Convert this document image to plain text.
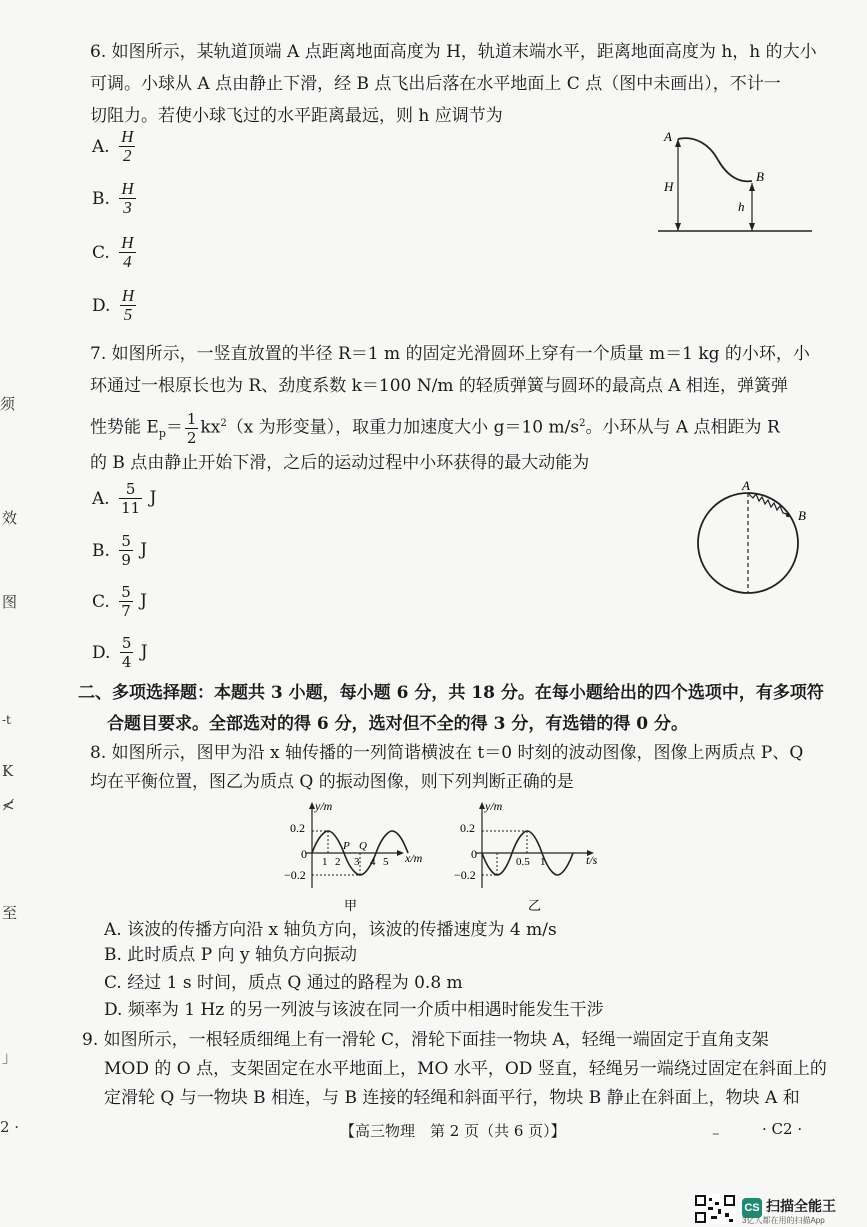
须
效
图
-t
K
≮
至
」
2 ·
6. 如图所示，某轨道顶端 A 点距离地面高度为 H，轨道末端水平，距离地面高度为 h，h 的大小
可调。小球从 A 点由静止下滑，经 B 点飞出后落在水平地面上 C 点（图中未画出），不计一
切阻力。若使小球飞过的水平距离最远，则 h 应调节为
A. $\frac{H}{2}$
B. $\frac{H}{3}$
C. $\frac{H}{4}$
D. $\frac{H}{5}$
A
B
H
h
7. 如图所示，一竖直放置的半径 R＝1 m 的固定光滑圆环上穿有一个质量 m＝1 kg 的小环，小
环通过一根原长也为 R、劲度系数 k＝100 N/m 的轻质弹簧与圆环的最高点 A 相连，弹簧弹
性势能 $E_p= \frac{1}{2} kx^2(x$ 为形变量），取重力加速度大小 g＝10 $m/s^2$。小环从与 A 点相距为 R
的 B 点由静止开始下滑，之后的运动过程中小环获得的最大动能为
A. $\frac{5}{11}$ J
B. $\frac{5}{9}$ J
C. $\frac{5}{7}$ J
D. $\frac{5}{4}$ J
A
B
二、多项选择题：本题共 3 小题，每小题 6 分，共 18 分。在每小题给出的四个选项中，有多项符
合题目要求。全部选对的得 6 分，选对但不全的得 3 分，有选错的得 0 分。
8. 如图所示，图甲为沿 x 轴传播的一列简谐横波在 t＝0 时刻的波动图像，图像上两质点 P、Q
均在平衡位置，图乙为质点 Q 的振动图像，则下列判断正确的是
y/m
x/m
0.2
−0.2
0
1 2 3 4 5
P Q
甲
y/m
t/s
0.2
−0.2
0
0.5 1
乙
A. 该波的传播方向沿 x 轴负方向，该波的传播速度为 4 m/s
B. 此时质点 P 向 y 轴负方向振动
C. 经过 1 s 时间，质点 Q 通过的路程为 0.8 m
D. 频率为 1 Hz 的另一列波与该波在同一介质中相遇时能发生干涉
9. 如图所示，一根轻质细绳上有一滑轮 C，滑轮下面挂一物块 A，轻绳一端固定于直角支架
MOD 的 O 点，支架固定在水平地面上，MO 水平，OD 竖直，轻绳另一端绕过固定在斜面上的
定滑轮 Q 与一物块 B 相连，与 B 连接的轻绳和斜面平行，物块 B 静止在斜面上，物块 A 和
【高三物理　第 2 页（共 6 页）】	–	· C2 ·
CS 扫描全能王
3亿人都在用的扫描App
